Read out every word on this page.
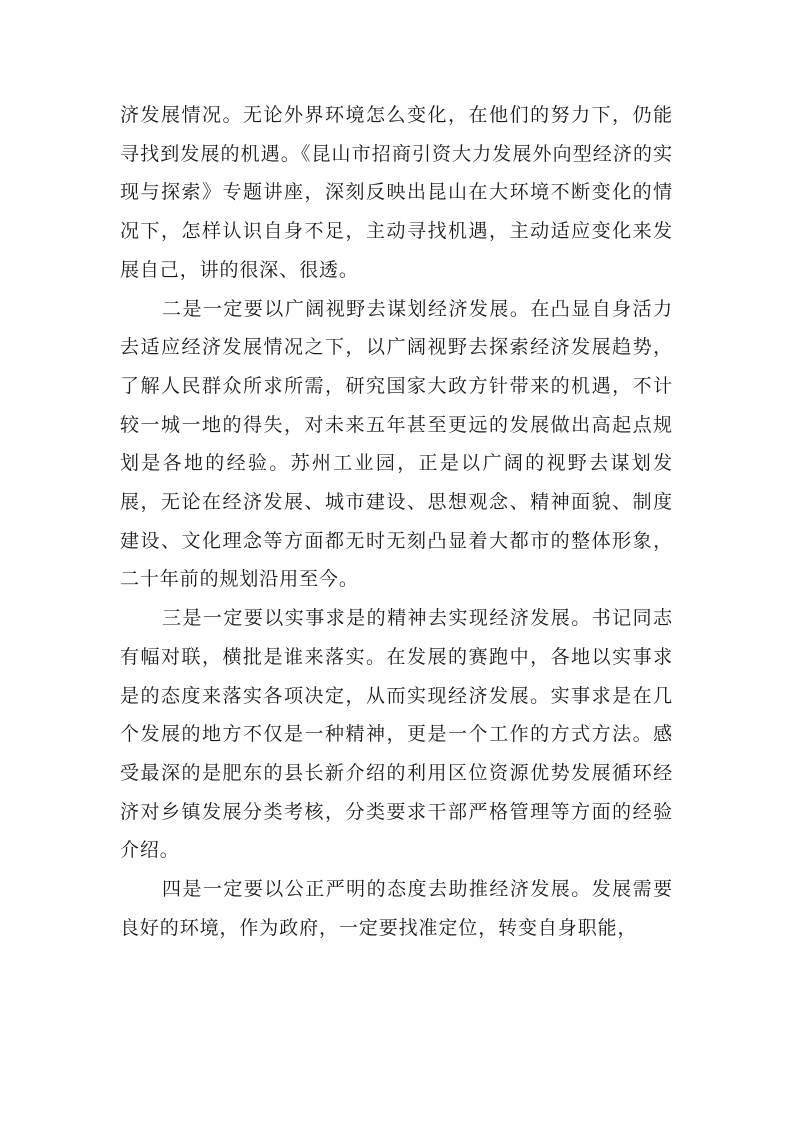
济发展情况。无论外界环境怎么变化，在他们的努力下，仍能寻找到发展的机遇。《昆山市招商引资大力发展外向型经济的实现与探索》专题讲座，深刻反映出昆山在大环境不断变化的情况下，怎样认识自身不足，主动寻找机遇，主动适应变化来发展自己，讲的很深、很透。

二是一定要以广阔视野去谋划经济发展。在凸显自身活力去适应经济发展情况之下，以广阔视野去探索经济发展趋势，了解人民群众所求所需，研究国家大政方针带来的机遇，不计较一城一地的得失，对未来五年甚至更远的发展做出高起点规划是各地的经验。苏州工业园，正是以广阔的视野去谋划发展，无论在经济发展、城市建设、思想观念、精神面貌、制度建设、文化理念等方面都无时无刻凸显着大都市的整体形象，二十年前的规划沿用至今。

三是一定要以实事求是的精神去实现经济发展。书记同志有幅对联，横批是谁来落实。在发展的赛跑中，各地以实事求是的态度来落实各项决定，从而实现经济发展。实事求是在几个发展的地方不仅是一种精神，更是一个工作的方式方法。感受最深的是肥东的县长新介绍的利用区位资源优势发展循环经济对乡镇发展分类考核，分类要求干部严格管理等方面的经验介绍。

四是一定要以公正严明的态度去助推经济发展。发展需要良好的环境，作为政府，一定要找准定位，转变自身职能，
